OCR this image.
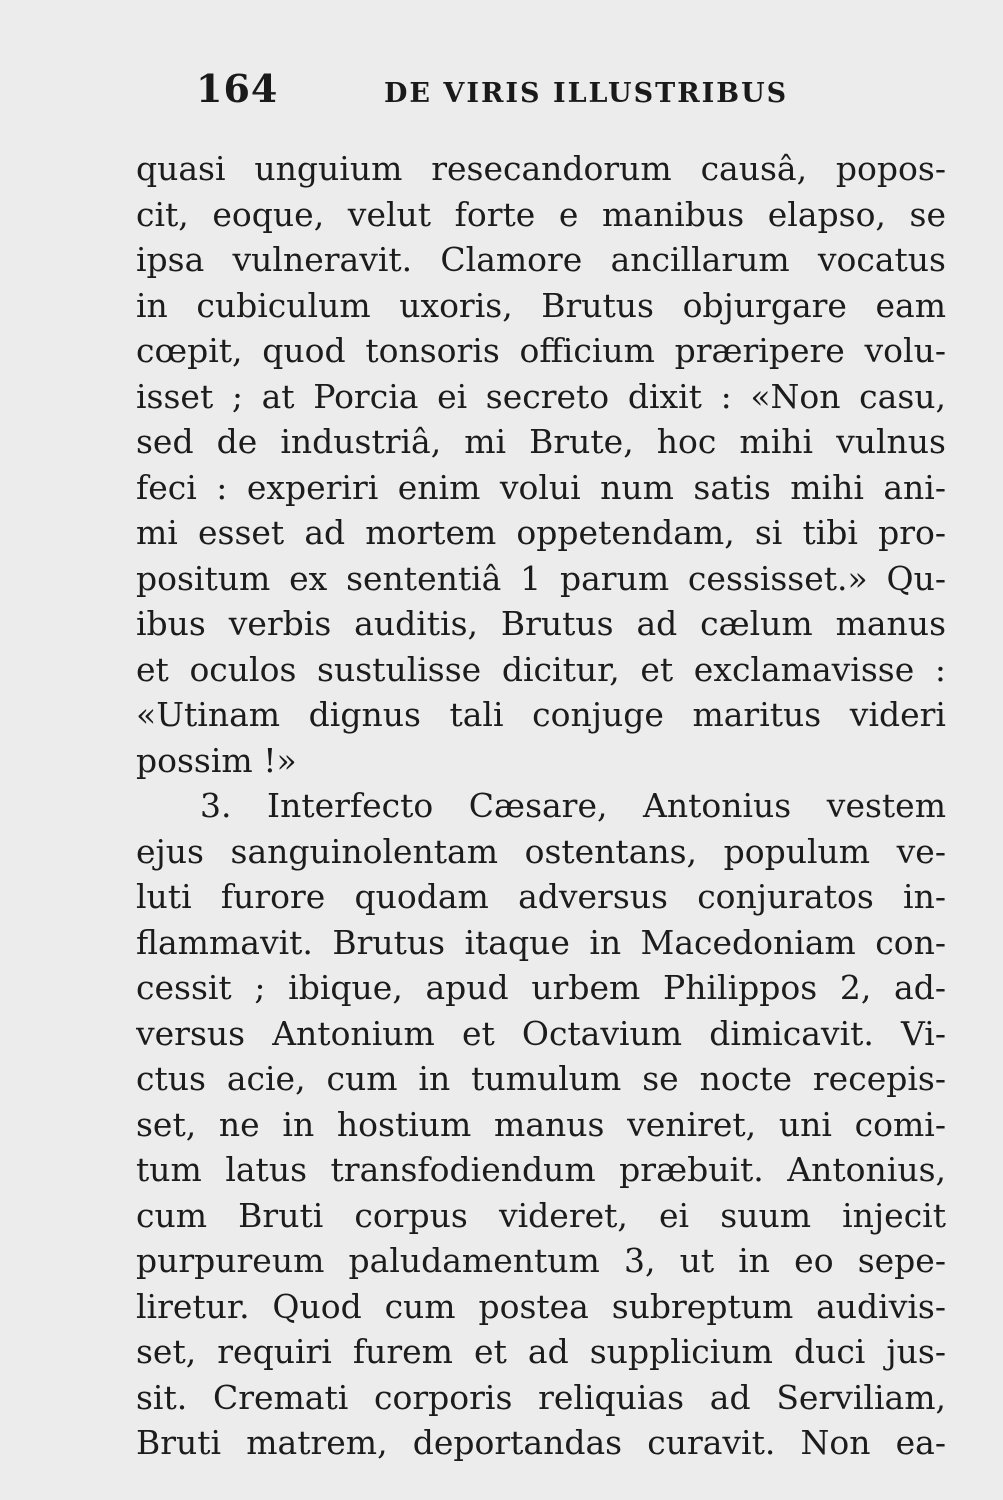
164	DE VIRIS ILLUSTRIBUS
quasi unguium resecandorum causâ, popos-
cit, eoque, velut forte e manibus elapso, se
ipsa vulneravit. Clamore ancillarum vocatus
in cubiculum uxoris, Brutus objurgare eam
cœpit, quod tonsoris officium præripere volu-
isset ; at Porcia ei secreto dixit : «Non casu,
sed de industriâ, mi Brute, hoc mihi vulnus
feci : experiri enim volui num satis mihi ani-
mi esset ad mortem oppetendam, si tibi pro-
positum ex sententiâ 1 parum cessisset.» Qu-
ibus verbis auditis, Brutus ad cælum manus
et oculos sustulisse dicitur, et exclamavisse :
«Utinam dignus tali conjuge maritus videri
possim !»
3. Interfecto Cæsare, Antonius vestem
ejus sanguinolentam ostentans, populum ve-
luti furore quodam adversus conjuratos in-
flammavit. Brutus itaque in Macedoniam con-
cessit ; ibique, apud urbem Philippos 2, ad-
versus Antonium et Octavium dimicavit. Vi-
ctus acie, cum in tumulum se nocte recepis-
set, ne in hostium manus veniret, uni comi-
tum latus transfodiendum præbuit. Antonius,
cum Bruti corpus videret, ei suum injecit
purpureum paludamentum 3, ut in eo sepe-
liretur. Quod cum postea subreptum audivis-
set, requiri furem et ad supplicium duci jus-
sit. Cremati corporis reliquias ad Serviliam,
Bruti matrem, deportandas curavit. Non ea-
